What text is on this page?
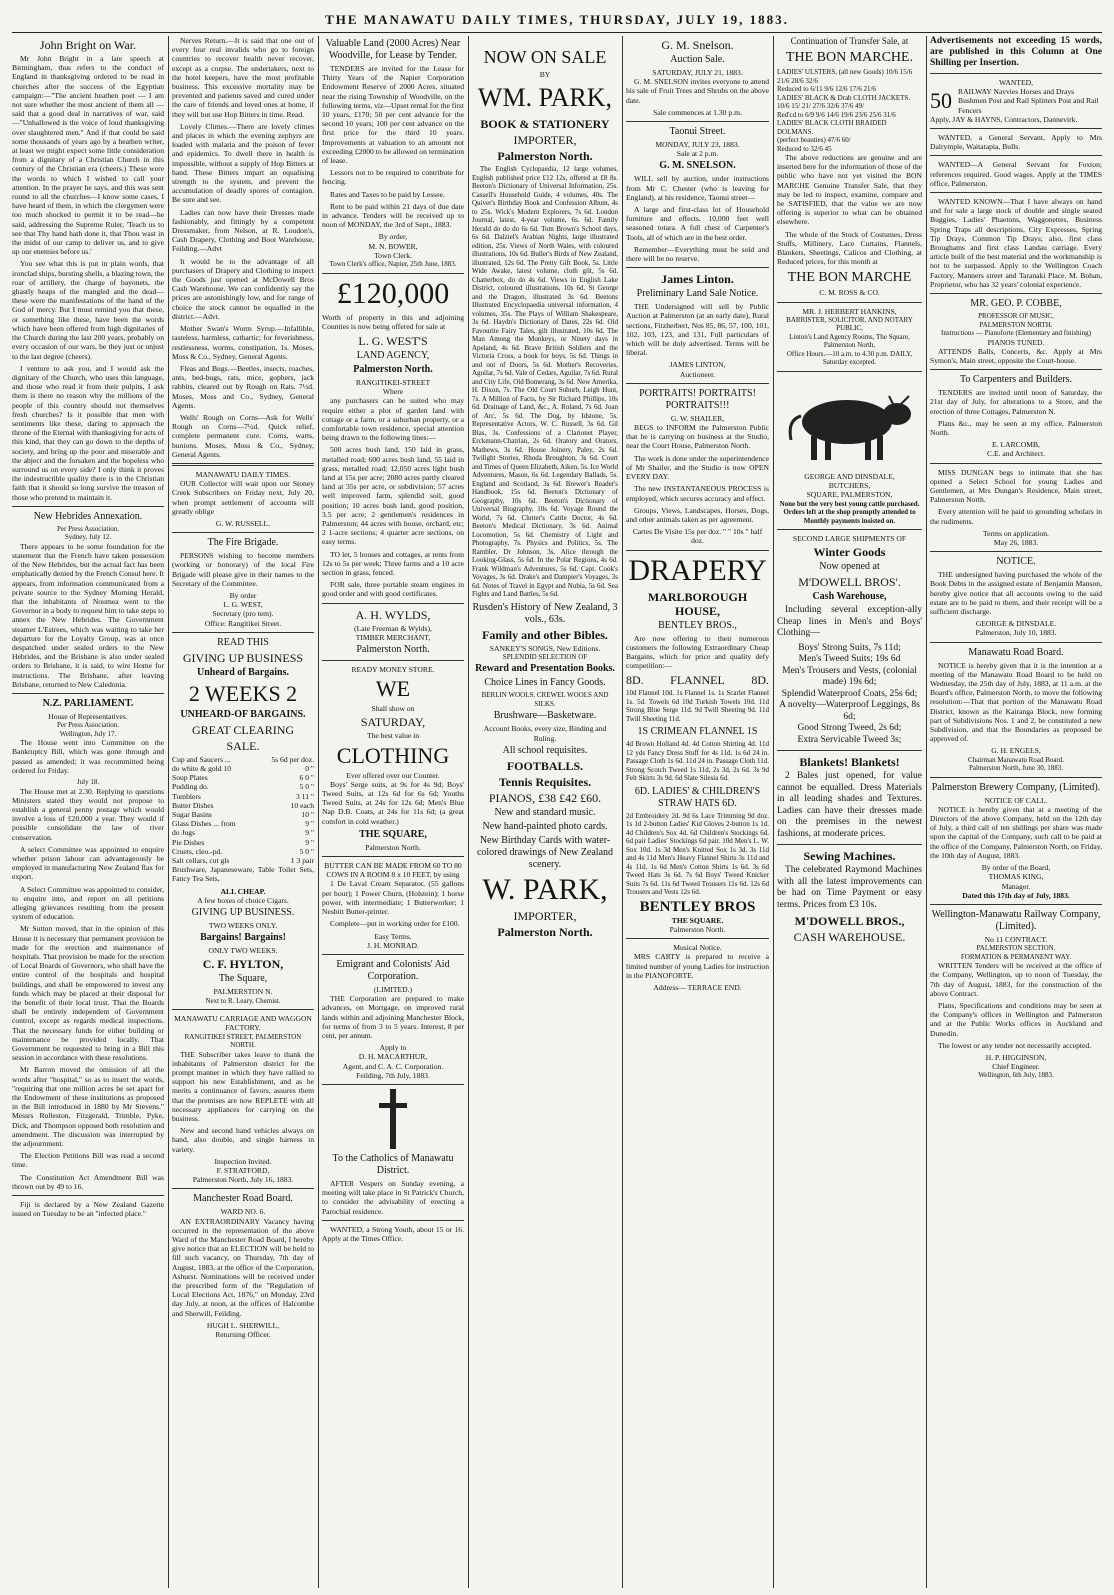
THE MANAWATU DAILY TIMES, THURSDAY, JULY 19, 1883.
John Bright on War.

Mr John Bright in a late speech at Birmingham, thus refers to the conduct of England in thanksgiving ordered to be read in churches after the success of the Egyptian campaign:—"The ancient heathen poet — I am not sure whether the most ancient of them all — said that a good deal in narratives of war, said—"Unhallowed is the voice of loud thanksgiving over slaughtered men." And if that could be said some thousands of years ago by a heathen writer, at least we might expect some little consideration from a dignitary of a Christian Church in this century of the Christian era (cheers.) These were the words to which I wished to call your attention. In the prayer he says, and this was sent round to all the churches—I know some cases, I have heard of them, in which the clergymen were too much shocked to permit it to be read—he said, addressing the Supreme Ruler, 'Teach us to see that Thy hand hath done it, that Thou wast in the midst of our camp to deliver us, and to give up our enemies before us.'

You see what this is put in plain words, that ironclad ships, bursting shells, a blazing town, the roar of artillery, the charge of bayonets, the ghastly heaps of the mangled and the dead—these were the manifestations of the hand of the God of mercy. But I must remind you that these, or something like these, have been the words which have been offered from high dignitaries of the Church during the last 200 years, probably on every occasion of our wars, be they just or unjust to the last degree (cheers).

I venture to ask you, and I would ask the dignitary of the Church, who uses this language, and those who read it from their pulpits, I ask them is there no reason why the millions of the people of this country should not themselves fresh churches? Is it possible that men with sentiments like these, daring to approach the throne of the Eternal with thanksgiving for acts of this kind, that they can go down to the depths of society, and bring up the poor and miserable and the abject and the forsaken and the hopeless who surround us on every side? I only think it proves the indestructible quality there is in the Christian faith that it should so long survive the treason of those who pretend to maintain it.

New Hebrides Annexation.
Per Press Association.
Sydney, July 12.

There appears to be some foundation for the statement that the French have taken possession of the New Hebrides, but the actual fact has been emphatically denied by the French Consul here. It appears, from information communicated from a private source to the Sydney Morning Herald, that the inhabitants of Noumea went to the Governor in a body to request him to take steps to annex the New Hebrides. The Government steamer L'Estrees, which was waiting to take her departure for the Loyalty Group, was at once despatched under sealed orders to the New Hebrides, and the Brisbane is also under sealed orders to Brisbane, it is said, to wire Home for instructions. The Brisbane, after leaving Brisbane, returned to New Caledonia.

N.Z. PARLIAMENT.
House of Representatives.
Per Press Association.
Wellington, July 17.

The House went into Committee on the Bankruptcy Bill, which was gone through and passed as amended; it was recommitted being ordered for Friday.

July 18.

The House met at 2.30. Replying to questions Ministers stated they would not propose to establish a general penny postage which would involve a loss of £20,000 a year. They would if possible consolidate the law of river conservation.

A select Committee was appointed to enquire whether prison labour can advantageously be employed in manufacturing New Zealand flax for export.

A Select Committee was appointed to consider, to enquire into, and report on all petitions alleging grievances resulting from the present system of education.

Mr Sutton moved, that in the opinion of this House it is necessary that permanent provision be made for the erection and maintenance of hospitals. That provision be made for the erection of Local Boards of Governors, who shall have the entire control of the hospitals and hospital buildings, and shall be empowered to invest any funds which may be placed at their disposal for the benefit of their local trust. That the Boards shall be entirely independent of Government control, except as regards medical inspections. That the necessary funds for either building or maintenance be provided locally. That Government be requested to bring in a Bill this session in accordance with these resolutions.

Mr Barron moved the omission of all the words after "hospital," so as to insert the words, "requiring that one million acres be set apart for the Endowment of these institutions as proposed in the Bill introduced in 1880 by Mr Stevens." Messrs Rolleston, Fitzgerald, Trimble, Pyke, Dick, and Thompson opposed both resolution and amendment. The discussion was interrupted by the adjournment.

The Election Petitions Bill was read a second time.

The Constitution Act Amendment Bill was thrown out by 49 to 16.

Fiji is declared by a New Zealand Gazette issued on Tuesday to be an "infected place."

Nerves Return.—It is said that one out of every four real invalids who go to foreign countries to recover health never recover, except as a corpse. The undertakers, next to the hotel keepers, have the most profitable business. This excessive mortality may be prevented and patients saved and cured under the care of friends and loved ones at home, if they will but use Hop Bitters in time. Read.

Lovely Climes.—There are lovely climes and places in which the evening zephyrs are loaded with malaria and the poison of fever and epidemics. To dwell there in health is impossible, without a supply of Hop Bitters at hand. These Bitters impart an equalising strength to the system, and prevent the accumulation of deadly spores of contagion. Be sure and see.

Ladies can now have their Dresses made fashionably, and fittingly by a competent Dressmaker, from Nelson, at R. Loudon's, Cash Drapery, Clothing and Boot Warehouse, Feilding.—Advt

It would be to the advantage of all purchasers of Drapery and Clothing to inspect the Goods just opened at McDowell Bros Cash Warehouse. We can confidently say the prices are astonishingly low, and for range of choice the stock cannot be equalled in the district.—Advt.

Mother Swan's Worm Syrup.—Infallible, tasteless, harmless, cathartic; for feverishness, restlessness, worms, constipation, 1s. Moses, Moss & Co., Sydney, General Agents.

Fleas and Bugs.—Beetles, insects, roaches, ants, bed-bugs, rats, mice, gophers, jack rabbits, cleared out by Rough on Rats. 7½d. Moses, Moss and Co., Sydney, General Agents.

Wells' Rough on Corns—Ask for Wells' Rough on Corns—7½d. Quick relief, complete permanent cure. Corns, warts, bunions. Moses, Moss & Co., Sydney, General Agents.

MANAWATU DAILY TIMES.

OUR Collector will wait upon our Stoney Creek Subscribers on Friday next, July 20, when prompt settlement of accounts will greatly oblige

G. W. RUSSELL.
The Fire Brigade.

PERSONS wishing to become members (working or honorary) of the local Fire Brigade will please give in their names to the Secretary of the Committee.

By order
L. G. WEST,
Secretary (pro tem).
Office: Rangitikei Street.
READ THIS
GIVING UP BUSINESS
Unheard of Bargains.
2 WEEKS 2
UNHEARD-OF BARGAINS.
GREAT CLEARING
SALE.
Cup and Saucers ...	5s 6d per doz.
do white & gold 10	0 "
Soup Plates	6 0 "
Pudding do.	5 0 "
Tumblers	3 11 "
Butter Dishes	10 each
Sugar Basins	10 "
Glass Dishes ... from	9 "
do Jugs	9 "
Pie Dishes	9 "
Cruets, cleo.-pd.	5 0 "
Salt cellars, cut gls	1 3 pair

Brushware, Japaneseware, Table Toilet Sets, Fancy Tea Sets,

ALL CHEAP.
A few boxes of choice Cigars.
GIVING UP BUSINESS.
TWO WEEKS ONLY.
Bargains! Bargains!
ONLY TWO WEEKS.
C. F. HYLTON,
The Square,
PALMERSTON N.
Next to R. Leary, Chemist.
MANAWATU CARRIAGE AND WAGGON FACTORY.
RANGITIKEI STREET, PALMERSTON NORTH.

THE Subscriber takes leave to thank the inhabitants of Palmerston district for the prompt manner in which they have rallied to support his new Establishment, and as he merits a continuance of favors, assures them that the premises are now REPLETE with all necessary appliances for carrying on the business.

New and second hand vehicles always on hand, also double, and single harness in variety.

Inspection Invited.
F. STRATFORD,
Palmerston North, July 16, 1883.
Manchester Road Board.
WARD NO. 6.

AN EXTRAORDINARY Vacancy having occurred in the representation of the above Ward of the Manchester Road Board, I hereby give notice that an ELECTION will be held to fill such vacancy, on Thursday, 7th day of August, 1883, at the office of the Corporation, Ashurst. Nominations will be received under the prescribed form of the "Regulation of Local Elections Act, 1876," on Monday, 23rd day July, at noon, at the offices of Halcombe and Sherwill, Feilding.

HUGH L. SHERWILL,
Returning Officer.
Valuable Land (2000 Acres) Near Woodville, for Lease by Tender.

TENDERS are invited for the Lease for Thirty Years of the Napier Corporation Endowment Reserve of 2000 Acres, situated near the rising Township of Woodville, on the following terms, viz—Upset rental for the first 10 years, £170; 50 per cent advance for the second 10 years; 100 per cent advance on the first price for the third 10 years. Improvements at valuation to an amount not exceeding £2000 to be allowed on termination of lease.

Lessors not to be required to contribute for fencing.

Rates and Taxes to be paid by Lessee.

Rent to be paid within 21 days of due date in advance. Tenders will be received up to noon of MONDAY, the 3rd of Sept., 1883.

By order,
M. N. BOWER,
Town Clerk.
Town Clerk's office, Napier, 25th June, 1883.
£120,000

Worth of property in this and adjoining Counties is now being offered for sale at

L. G. WEST'S
LAND AGENCY,
Palmerston North.
RANGITIKEI-STREET
Where

any purchasers can be suited who may require either a plot of garden land with cottage or a farm, or a suburban property, or a comfortable town residence, special attention being drawn to the following lines:—

500 acres bush land, 150 laid in grass, metalled road; 600 acres bush land, 55 laid in grass, metalled road; 12,050 acres light bush land at 15s per acre; 2080 acres partly cleared land at 35s per acre, or subdivision; 57 acres well improved farm, splendid soil, good position; 10 acres bush land, good position, 3.5 per acre; 2 gentlemen's residences in Palmerston; 44 acres with house, orchard, etc; 2 1-acre sections; 4 quarter acre sections, on easy terms.

TO let, 5 houses and cottages, at rents from 12s to 5s per week; Three farms and a 10 acre section in grass, fenced.

FOR sale, three portable steam engines in good order and with good certificates.

A. H. WYLDS,
(Late Freeman & Wylds),
TIMBER MERCHANT,
Palmerston North.
READY MONEY STORE.
WE
Shall show on
SATURDAY,
The best value in
CLOTHING
Ever offered over our Counter.

Boys' Serge suits, at 9s for 4s 9d; Boys' Tweed Suits, at 12s 6d for 6s 6d; Youths Tweed Suits, at 24s for 12s 6d; Men's Blue Nap D.B. Coats, at 24s for 11s 6d; (a great comfort in cold weather.)

THE SQUARE,
Palmerston North.
BUTTER CAN BE MADE FROM 60 TO 80 COWS IN A ROOM 8 x 10 FEET, by using

1 De Laval Cream Separator, (55 gallons per hour); 1 Power Churn, (Holstein); 1 horse power, with intermediate; 1 Butterworker; 1 Nesbitt Butter-printer.

Complete—put in working order for £100.

Easy Terms.
J. H. MONRAD.
Emigrant and Colonists' Aid Corporation.
(LIMITED.)

THE Corporation are prepared to make advances, on Mortgage, on improved rural lands within and adjoining Manchester Block, for terms of from 3 to 5 years. Interest, 8 per cent, per annum.

Apply to
D. H. MACARTHUR,
Agent, and C. A. C. Corporation.
Feilding, 7th July, 1883.
To the Catholics of Manawatu District.

AFTER Vespers on Sunday evening, a meeting will take place in St Patrick's Church, to consider the advisability of erecting a Parochial residence.

WANTED, a Strong Youth, about 15 or 16. Apply at the Times Office.

NOW ON SALE
BY
WM. PARK,
BOOK & STATIONERY
IMPORTER,
Palmerston North.

The English Cyclopaedia, 12 large volumes, English published price £12 12s, offered at £8 8s. Beeton's Dictionary of Universal Information, 25s. Cassell's Household Guide, 4 volumes, 40s. The Quiver's Birthday Book and Confession Album, 4s to 25s. Wick's Modern Explorers, 7s 6d. London Journal, latest, 4-year volume, 6s. 6d. Family Herald do do do 6s 6d. Tom Brown's School days, 6s 6d. Dalziel's Arabian Nights, large illustrated edition, 25s. Views of North Wales, with coloured illustrations, 10s 6d. Buller's Birds of New Zealand, illustrated, 12s 6d. The Pretty Gift Book, 5s. Little Wide Awake, latest volume, cloth gilt, 5s 6d. Chatterbox, do do 4s 6d. Views in English Lake District, coloured illustrations, 10s 6d. St George and the Dragon, illustrated 3s 6d. Beetons Illustrated Encyclopaedia universal information, 4 volumes, 35s. The Plays of William Shakespeare, 3s 6d. Haydn's Dictionary of Dates, 22s 6d. Old Favourite Fairy Tales, gilt illustrated, 10s 6d. The Man Among the Monkeys, or Ninety days in Apeland, 4s 6d. Brave British Soldiers and the Victoria Cross, a book for boys, 5s 6d. Things in and out of Doors, 5s 6d. Mother's Recoveries, Aguilar, 7s 6d. Vale of Cedars, Aguilar, 7s 6d. Rural and City Life, Old Bomerang, 3s 6d. New Amerika, H. Dixon, 7s. The Old Court Suburb, Leigh Hunt, 7s. A Million of Facts, by Sir Richard Phillips, 10s 6d. Drainage of Land, &c., A. Roland, 7s 6d. Joan of Arc, 5s 6d. The Dog, by Idstone, 5s. Representative Actors, W. C. Russell, 3s 6d. Gil Blas, 3s. Confessions of a Clarionet Player, Erckmann-Chatrian, 2s 6d. Oratory and Orators, Mathews, 3s 6d. House Joinery, Paley, 2s 6d. Twilight Stories, Rhoda Broughton, 3s 6d. Court and Times of Queen Elizabeth, Aiken, 5s. Ice World Adventures, Mason, 6s 6d. Legendary Ballads, 5s. England and Scotland, 3s 6d. Brewer's Reader's Handbook, 15s 6d. Beeton's Dictionary of Geography, 10s 6d. Beeton's Dictionary of Universal Biography, 10s 6d. Voyage Round the World, 7s 6d. Clutter's Cattle Doctor, 4s 6d. Beeton's Medical Dictionary, 3s 6d. Animal Locomotion, 5s 6d. Chemistry of Light and Photography, 7s. Physics and Politics, 5s. The Rambler, Dr Johnson, 3s. Alice through the Looking-Glass, 5s 6d. In the Polar Regions, 4s 6d. Frank Wildman's Adventures, 5s 6d. Capt. Cook's Voyages, 3s 6d. Drake's and Dampier's Voyages, 3s 6d. Notes of Travel in Egypt and Nubia, 5s 6d. Sea Fights and Land Battles, 5s 6d.

Rusden's History of New Zealand, 3 vols., 63s.
Family and other Bibles.
SANKEY'S SONGS, New Editions.
SPLENDID SELECTION OF
Reward and Presentation Books.
Choice Lines in Fancy Goods.
BERLIN WOOLS. CREWEL WOOLS AND SILKS.
Brushware—Basketware.
Account Books, every size, Binding and Ruling.
All school requisites.
FOOTBALLS.
Tennis Requisites.
PIANOS, £38 £42 £60.
New and standard music.
New hand-painted photo cards.
New Birthday Cards with water-colored drawings of New Zealand scenery.
W. PARK,
IMPORTER,
Palmerston North.
G. M. Snelson.
Auction Sale.
SATURDAY, JULY 21, 1883.

G. M. SNELSON invites everyone to attend his sale of Fruit Trees and Shrubs on the above date.

Sale commences at 1.30 p.m.
Taonui Street.
MONDAY, JULY 23, 1883.
Sale at 2 p.m.
G. M. SNELSON.

WILL sell by auction, under instructions from Mr C. Chester (who is leaving for England), at his residence, Taonui street—

A large and first-class lot of Household furniture and effects. 10,000 feet well seasoned totara. A full chest of Carpenter's Tools, all of which are in the best order.

Remember—Everything must be sold and there will be no reserve.

James Linton.
Preliminary Land Sale Notice.

THE Undersigned will sell by Public Auction at Palmerston (at an early date), Rural sections, Fitzherbert, Nos 85, 86, 57, 100, 101, 102, 103, 123, and 131, Full particulars of which will be duly advertised. Terms will be liberal.

JAMES LINTON,
Auctioneer.
PORTRAITS! PORTRAITS! PORTRAITS!!!
G. W. SHAILER,

BEGS to INFORM the Palmerston Public that he is carrying on business at the Studio, near the Court House, Palmerston North.

The work is done under the superintendence of Mr Shailer, and the Studio is now OPEN EVERY DAY.

The new INSTANTANEOUS PROCESS is employed, which secures accuracy and effect.

Groups, Views, Landscapes, Horses, Dogs, and other animals taken as per agreement.

Cartes De Visite 15s per doz. " " 10s " half doz.
DRAPERY
MARLBOROUGH HOUSE,
BENTLEY BROS.,

Are now offering to their numerous customers the following Extraordinary Cheap Bargains, which for price and quality defy competition:—

8D. FLANNEL 8D.

10d Flannel 10d. 1s Flannel 1s. 1s Scarlet Flannel 1s. 5d. Towels 6d 10d Turkish Towels 10d. 11d Strong Blue Serge 11d. 9d Twill Sheeting 9d. 11d Twill Sheeting 11d.

1S CRIMEAN FLANNEL 1S

4d Brown Holland 4d. 4d Cotton Shirting 4d. 11d 12 yds Fancy Dress Stuff for 4s 11d. 1s 6d 24 in. Passage Cloth 1s 6d. 11d 24 in. Passage Cloth 11d. Strong Scotch Tweed 1s 11d, 2s 3d, 2s 6d. 3s 9d Felt Skirts 3s 9d. 6d Slate Silesia 6d.

6D. LADIES' & CHILDREN'S STRAW HATS 6D.

2d Embroidery 2d. 9d 6s Lace Trimming 9d doz. 1s 1d 2-button Ladies' Kid Gloves 2-button 1s 1d. 4d Children's Sox 4d. 6d Children's Stockings 6d. 6d pair Ladies' Stockings 6d pair. 10d Men's L. W. Sox 10d. 1s 3d Men's Knitted Sox 1s 3d. 3s 11d and 4s 11d Men's Heavy Flannel Shirts 3s 11d and 4s 11d. 1s 6d Men's Cotton Shirts 1s 6d. 3s 6d Tweed Hats 3s 6d. 7s 6d Boys' Tweed Knicker Suits 7s 6d. 11s 6d Tweed Trousers 11s 6d. 12s 6d Trousers and Vests 12s 6d.

BENTLEY BROS
THE SQUARE.
Palmerston North.
Musical Notice.

MRS CARTY is prepared to receive a limited number of young Ladies for instruction in the PIANOFORTE.

Address— TERRACE END.
Continuation of Transfer Sale, at
THE BON MARCHE.
LADIES' ULSTERS, (all new Goods) 10/6 15/6 21/6 28/6 32/6
Reduced to 6/11 9/6 12/6 17/6 21/6
LADIES' BLACK & Drab CLOTH JACKETS.
10/6 15/ 21/ 27/6 32/6 37/6 49/
Red'cd to 6/9 9/6 14/6 19/6 23/6 25/6 31/6
LADIES' BLACK CLOTH BRAIDED DOLMANS.
(perfect beauties) 47/6 60/
Reduced to 32/6 45

The above reductions are genuine and are inserted here for the information of those of the public who have not yet visited the BON MARCHE Genuine Transfer Sale, that they may be led to inspect, examine, compare and be SATISFIED, that the value we are now offering is superior to what can be obtained elsewhere.

The whole of the Stock of Costumes, Dress Stuffs, Millinery, Lace Curtains, Flannels, Blankets, Sheetings, Calicos and Clothing, at Reduced prices, for this month at

THE BON MARCHE
C. M. ROSS & CO.
MR. J. HERBERT HANKINS,
BARRISTER, SOLICITOR, AND NOTARY PUBLIC,
Linton's Land Agency Rooms, The Square, Palmerston North,
Office Hours.—10 a.m. to 4.30 p.m. DAILY, Saturday excepted.
GEORGE AND DINSDALE,
BUTCHERS,
SQUARE, PALMERSTON,
None but the very best young cattle purchased.
Orders left at the shop promptly attended to
Monthly payments insisted on.
SECOND LARGE SHIPMENTS OF
Winter Goods
Now opened at
M'DOWELL BROS'.
Cash Warehouse,

Including several exception-ally Cheap lines in Men's and Boys' Clothing—

Boys' Strong Suits, 7s 11d;
Men's Tweed Suits; 19s 6d
Men's Trousers and Vests, (colonial made) 19s 6d;
Splendid Waterproof Coats, 25s 6d;
A novelty—Waterproof Leggings, 8s 6d;
Good Strong Tweed, 2s 6d;
Extra Servicable Tweed 3s;
Blankets! Blankets!

2 Bales just opened, for value cannot be equalled. Dress Materials in all leading shades and Textures. Ladies can have their dresses made on the premises in the newest fashions, at moderate prices.

Sewing Machines.

The celebrated Raymond Machines with all the latest improvements can be had on Time Payment or easy terms. Prices from £3 10s.

M'DOWELL BROS.,
CASH WAREHOUSE.

Advertisements not exceeding 15 words, are published in this Column at One Shilling per Insertion.

WANTED,
50 RAILWAY Navvies Horses and Drays Bushmen Post and Rail Splitters Post and Rail Fencers

Apply, JAY & HAYNS, Contractors, Dannevirk.

WANTED, a General Servant, Apply to Mrs Dalrymple, Waitatapia, Bulls.

WANTED—A General Servant for Foxton; references required. Good wages. Apply at the TIMES office, Palmerston.

WANTED KNOWN—That I have always on hand and for sale a large stock of double and single seated Buggies, Ladies' Phaetons, Waggonettes, Business Spring Traps all descriptions, City Expresses, Spring Tip Drays, Common Tip Drays; also, first class Broughams and first class Landau carriage. Every article built of the best material and the workmanship is not to be surpassed. Apply to the Wellington Coach Factory, Manners street and Taranaki Place. M. Bohan, Proprietor, who has 32 years' colonial experience.

MR. GEO. P. COBBE,
PROFESSOR OF MUSIC,
PALMERSTON NORTH.
Instructions — Pianoforte (Elementary and finishing)
PIANOS TUNED.

ATTENDS Balls, Concerts, &c. Apply at Mrs Symon's, Main street, opposite the Court-house.

To Carpenters and Builders.

TENDERS are invited until noon of Saturday, the 21st day of July, for alterations to a Store, and the erection of three Cottages, Palmerston N.

Plans &c., may be seen at my office, Palmerston North.

E. LARCOMB,
C.E. and Architect.

MISS DUNGAN begs to intimate that she has opened a Select School for young Ladies and Gentlemen, at Mrs Dungan's Residence, Main street, Palmerston North.

Every attention will be paid to grounding scholars in the rudiments.

Terms on application.
May 26, 1883.
NOTICE.

THE undersigned having purchased the whole of the Book Debts in the assigned estate of Benjamin Manson, hereby give notice that all accounts owing to the said estate are to be paid to them, and their receipt will be a sufficient discharge.

GEORGE & DINSDALE.
Palmerston, July 10, 1883.
Manawatu Road Board.

NOTICE is hereby given that it is the intention at a meeting of the Manawatu Road Board to be held on Wednesday, the 25th day of July, 1883, at 11 a.m. at the Board's office, Palmerston North, to move the following resolution:—That that portion of the Manawatu Road District, known as the Kairanga Block, now forming part of Subdivisions Nos. 1 and 2, be constituted a new Subdivision, and that the Boundaries as proposed be approved of.

G. H. ENGELS,
Chairman Manawatu Road Board.
Palmerston North, June 30, 1883.
Palmerston Brewery Company, (Limited).
NOTICE OF CALL.

NOTICE is hereby given that at a meeting of the Directors of the above Company, held on the 12th day of July, a third call of ten shillings per share was made upon the capital of the Company, such call to be paid at the office of the Company, Palmerston North, on Friday, the 10th day of August, 1883.

By order of the Board,
THOMAS KING,
Manager.
Dated this 17th day of July, 1883.
Wellington-Manawatu Railway Company, (Limited).
No 11 CONTRACT.
PALMERSTON SECTION.
FORMATION & PERMANENT WAY.

WRITTEN Tenders will be received at the office of the Company, Wellington, up to noon of Tuesday, the 7th day of August, 1883, for the construction of the above Contract.

Plans, Specifications and conditions may be seen at the Company's offices in Wellington and Palmerston and at the Public Works offices in Auckland and Dunedin.

The lowest or any tender not necessarily accepted.

H. P. HIGGINSON,
Chief Engineer.
Wellington, 6th July, 1883.
